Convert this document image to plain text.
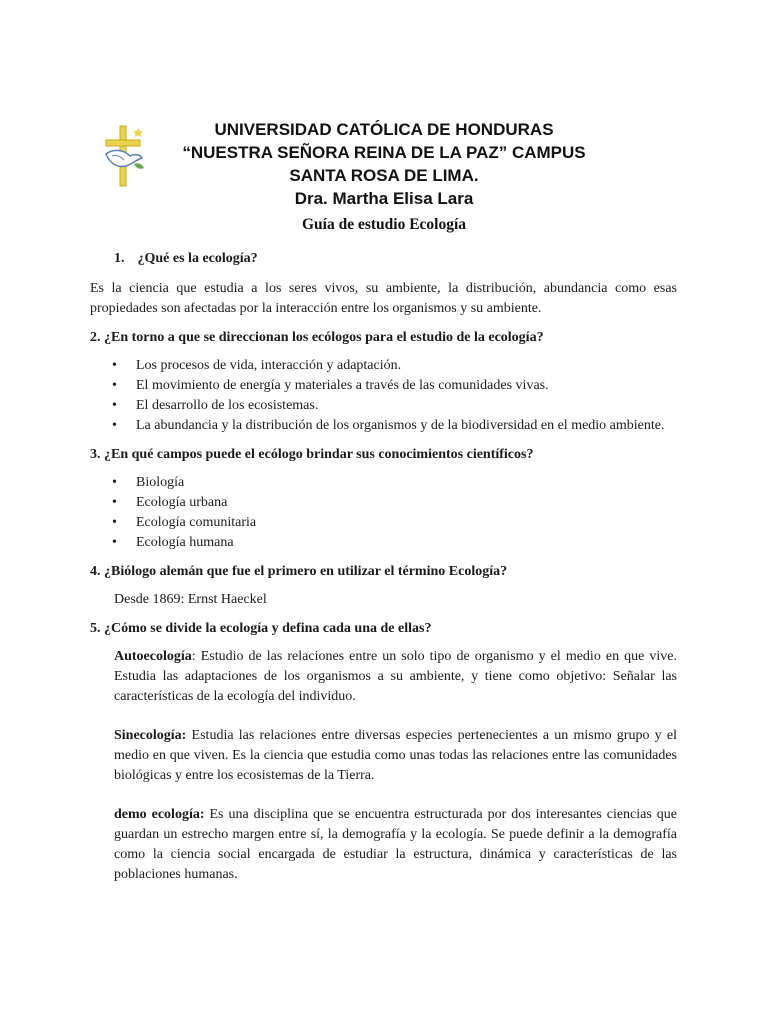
UNIVERSIDAD CATÓLICA DE HONDURAS
“NUESTRA SEÑORA REINA DE LA PAZ” CAMPUS
SANTA ROSA DE LIMA.
Dra. Martha Elisa Lara
Guía de estudio Ecología
1. ¿Qué es la ecología?

Es la ciencia que estudia a los seres vivos, su ambiente, la distribución, abundancia como esas propiedades son afectadas por la interacción entre los organismos y su ambiente.

2. ¿En torno a que se direccionan los ecólogos para el estudio de la ecología?
• Los procesos de vida, interacción y adaptación.
• El movimiento de energía y materiales a través de las comunidades vivas.
• El desarrollo de los ecosistemas.
• La abundancia y la distribución de los organismos y de la biodiversidad en el medio ambiente.
3. ¿En qué campos puede el ecólogo brindar sus conocimientos científicos?
• Biología
• Ecología urbana
• Ecología comunitaria
• Ecología humana
4. ¿Biólogo alemán que fue el primero en utilizar el término Ecología?

Desde 1869: Ernst Haeckel

5. ¿Cómo se divide la ecología y defina cada una de ellas?

Autoecología: Estudio de las relaciones entre un solo tipo de organismo y el medio en que vive. Estudia las adaptaciones de los organismos a su ambiente, y tiene como objetivo: Señalar las características de la ecología del individuo.

Sinecología: Estudia las relaciones entre diversas especies pertenecientes a un mismo grupo y el medio en que viven. Es la ciencia que estudia como unas todas las relaciones entre las comunidades biológicas y entre los ecosistemas de la Tierra.

demo ecología: Es una disciplina que se encuentra estructurada por dos interesantes ciencias que guardan un estrecho margen entre sí, la demografía y la ecología. Se puede definir a la demografía como la ciencia social encargada de estudiar la estructura, dinámica y características de las poblaciones humanas.
